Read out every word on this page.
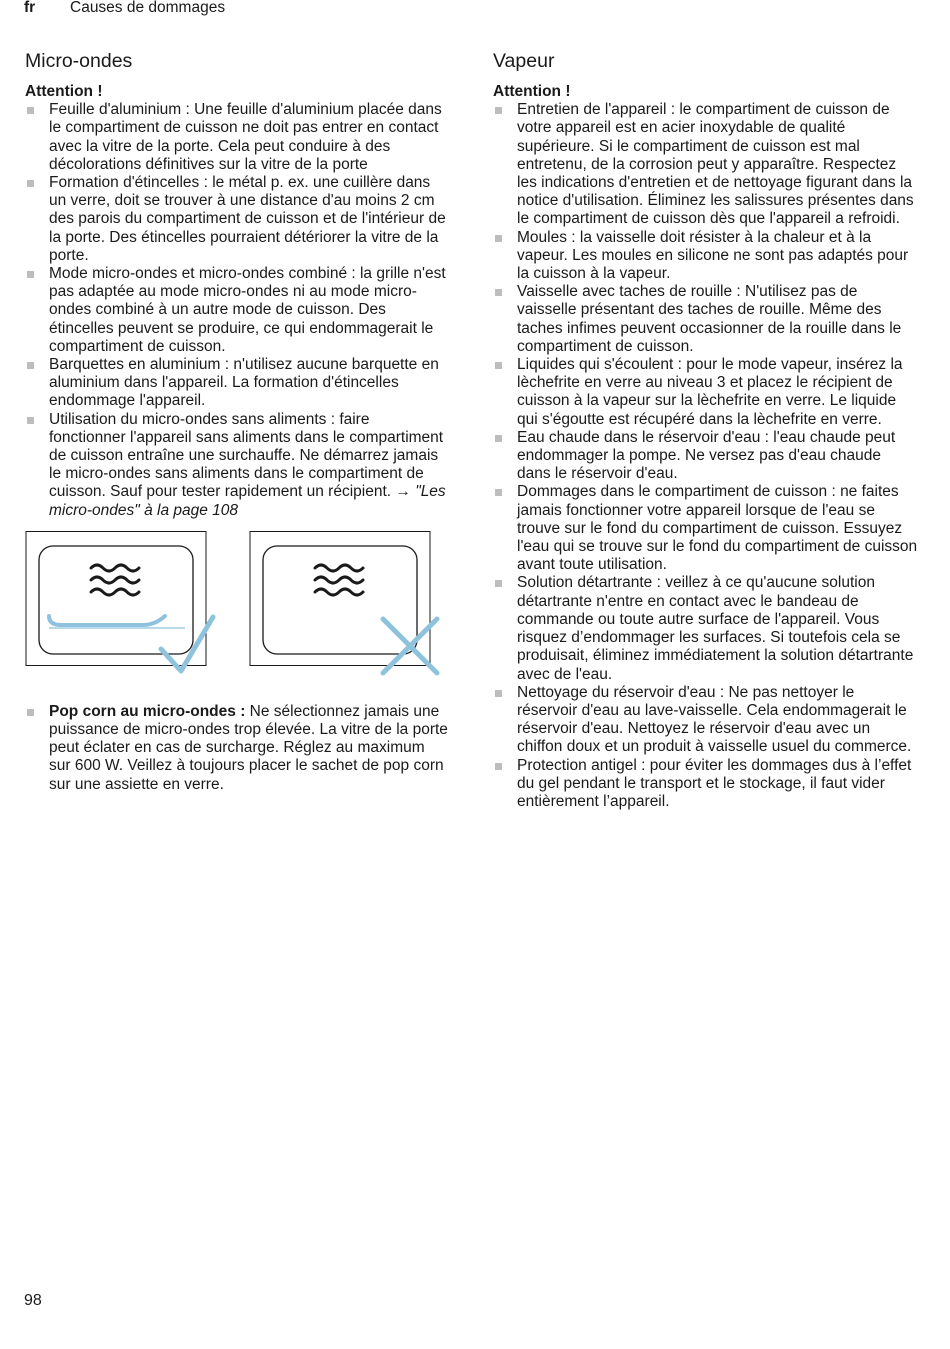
fr Causes de dommages
Micro-ondes
Attention !
Feuille d'aluminium : Une feuille d'aluminium placée dans le compartiment de cuisson ne doit pas entrer en contact avec la vitre de la porte. Cela peut conduire à des décolorations définitives sur la vitre de la porte
Formation d'étincelles : le métal p. ex. une cuillère dans un verre, doit se trouver à une distance d'au moins 2 cm des parois du compartiment de cuisson et de l'intérieur de la porte. Des étincelles pourraient détériorer la vitre de la porte.
Mode micro-ondes et micro-ondes combiné : la grille n'est pas adaptée au mode micro-ondes ni au mode micro-ondes combiné à un autre mode de cuisson. Des étincelles peuvent se produire, ce qui endommagerait le compartiment de cuisson.
Barquettes en aluminium : n'utilisez aucune barquette en aluminium dans l'appareil. La formation d'étincelles endommage l'appareil.
Utilisation du micro-ondes sans aliments : faire fonctionner l'appareil sans aliments dans le compartiment de cuisson entraîne une surchauffe. Ne démarrez jamais le micro-ondes sans aliments dans le compartiment de cuisson. Sauf pour tester rapidement un récipient. → "Les micro-ondes" à la page 108
Pop corn au micro-ondes : Ne sélectionnez jamais une puissance de micro-ondes trop élevée. La vitre de la porte peut éclater en cas de surcharge. Réglez au maximum sur 600 W. Veillez à toujours placer le sachet de pop corn sur une assiette en verre.
Vapeur
Attention !
Entretien de l'appareil : le compartiment de cuisson de votre appareil est en acier inoxydable de qualité supérieure. Si le compartiment de cuisson est mal entretenu, de la corrosion peut y apparaître. Respectez les indications d'entretien et de nettoyage figurant dans la notice d'utilisation. Éliminez les salissures présentes dans le compartiment de cuisson dès que l'appareil a refroidi.
Moules : la vaisselle doit résister à la chaleur et à la vapeur. Les moules en silicone ne sont pas adaptés pour la cuisson à la vapeur.
Vaisselle avec taches de rouille : N'utilisez pas de vaisselle présentant des taches de rouille. Même des taches infimes peuvent occasionner de la rouille dans le compartiment de cuisson.
Liquides qui s'écoulent : pour le mode vapeur, insérez la lèchefrite en verre au niveau 3 et placez le récipient de cuisson à la vapeur sur la lèchefrite en verre. Le liquide qui s'égoutte est récupéré dans la lèchefrite en verre.
Eau chaude dans le réservoir d'eau : l'eau chaude peut endommager la pompe. Ne versez pas d'eau chaude dans le réservoir d'eau.
Dommages dans le compartiment de cuisson : ne faites jamais fonctionner votre appareil lorsque de l'eau se trouve sur le fond du compartiment de cuisson. Essuyez l'eau qui se trouve sur le fond du compartiment de cuisson avant toute utilisation.
Solution détartrante : veillez à ce qu'aucune solution détartrante n'entre en contact avec le bandeau de commande ou toute autre surface de l'appareil. Vous risquez d’endommager les surfaces. Si toutefois cela se produisait, éliminez immédiatement la solution détartrante avec de l'eau.
Nettoyage du réservoir d'eau : Ne pas nettoyer le réservoir d'eau au lave-vaisselle. Cela endommagerait le réservoir d'eau. Nettoyez le réservoir d'eau avec un chiffon doux et un produit à vaisselle usuel du commerce.
Protection antigel : pour éviter les dommages dus à l’effet du gel pendant le transport et le stockage, il faut vider entièrement l’appareil.
98
